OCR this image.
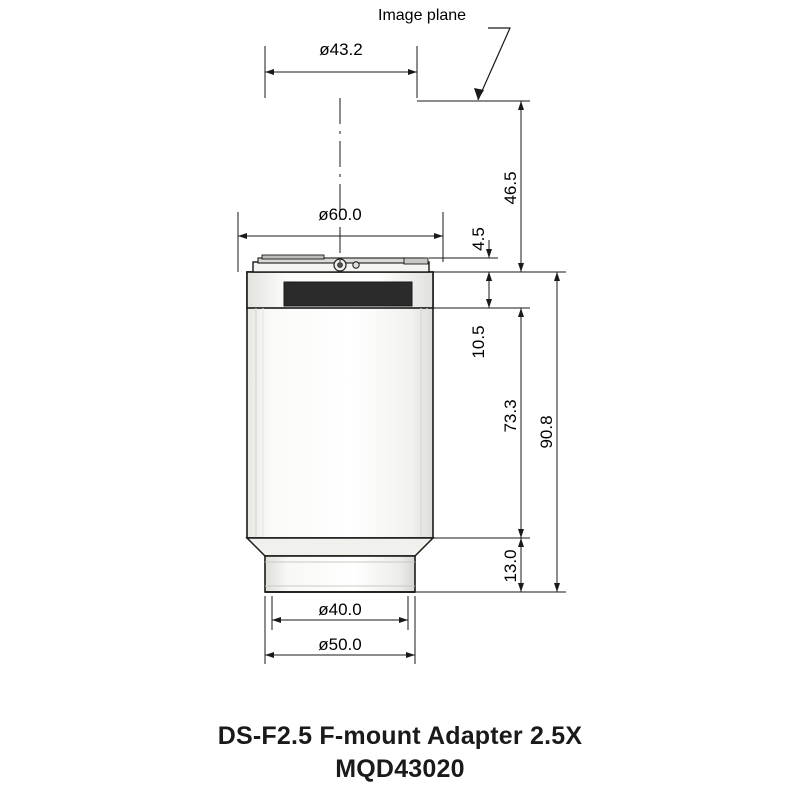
Image plane
ø43.2
ø60.0
ø40.0
ø50.0
46.5
4.5
10.5
73.3
13.0
90.8
DS-F2.5 F-mount Adapter 2.5X
MQD43020
